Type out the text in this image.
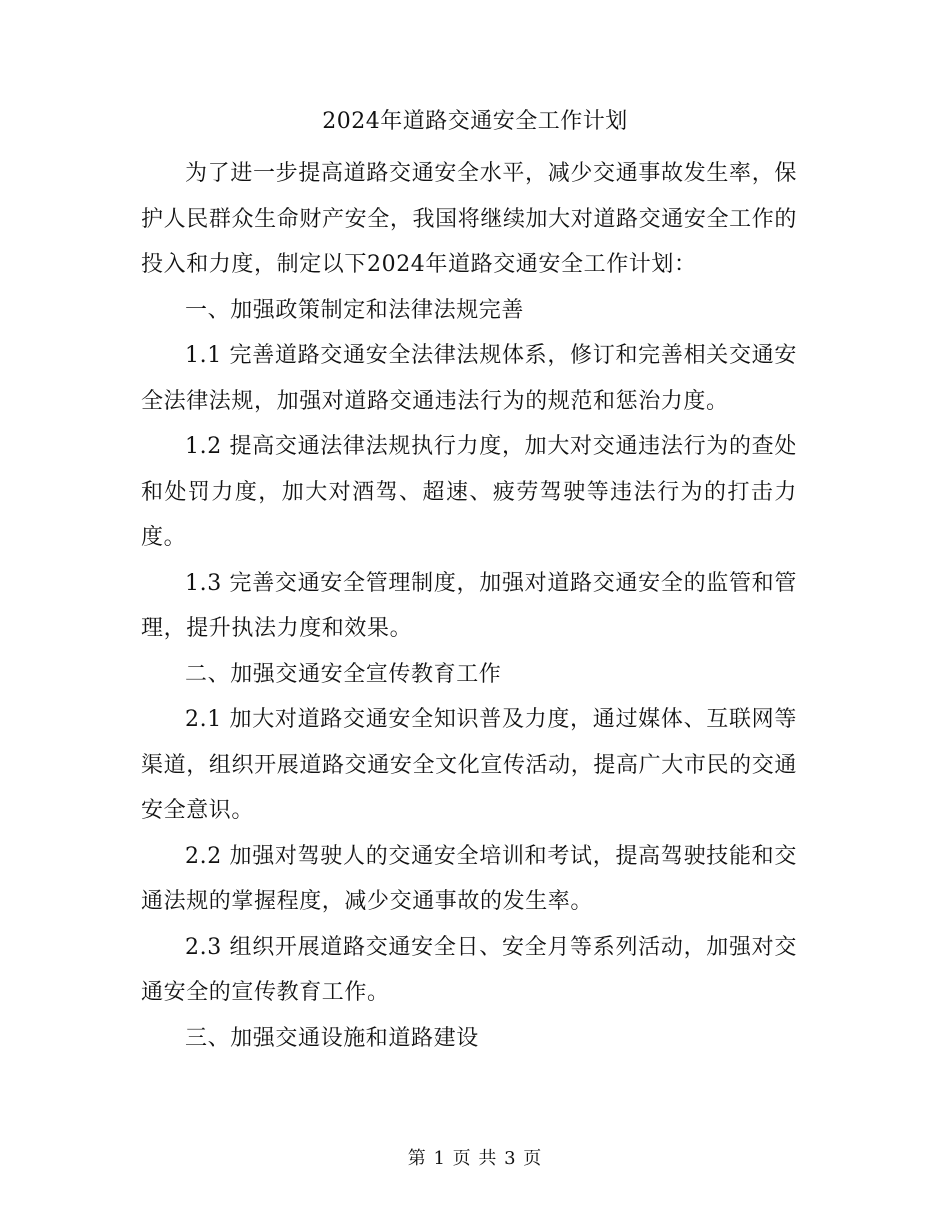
2024年道路交通安全工作计划

为了进一步提高道路交通安全水平，减少交通事故发生率，保护人民群众生命财产安全，我国将继续加大对道路交通安全工作的投入和力度，制定以下2024年道路交通安全工作计划：

一、加强政策制定和法律法规完善

1.1 完善道路交通安全法律法规体系，修订和完善相关交通安全法律法规，加强对道路交通违法行为的规范和惩治力度。

1.2 提高交通法律法规执行力度，加大对交通违法行为的查处和处罚力度，加大对酒驾、超速、疲劳驾驶等违法行为的打击力度。

1.3 完善交通安全管理制度，加强对道路交通安全的监管和管理，提升执法力度和效果。

二、加强交通安全宣传教育工作

2.1 加大对道路交通安全知识普及力度，通过媒体、互联网等渠道，组织开展道路交通安全文化宣传活动，提高广大市民的交通安全意识。

2.2 加强对驾驶人的交通安全培训和考试，提高驾驶技能和交通法规的掌握程度，减少交通事故的发生率。

2.3 组织开展道路交通安全日、安全月等系列活动，加强对交通安全的宣传教育工作。

三、加强交通设施和道路建设

第 1 页 共 3 页
